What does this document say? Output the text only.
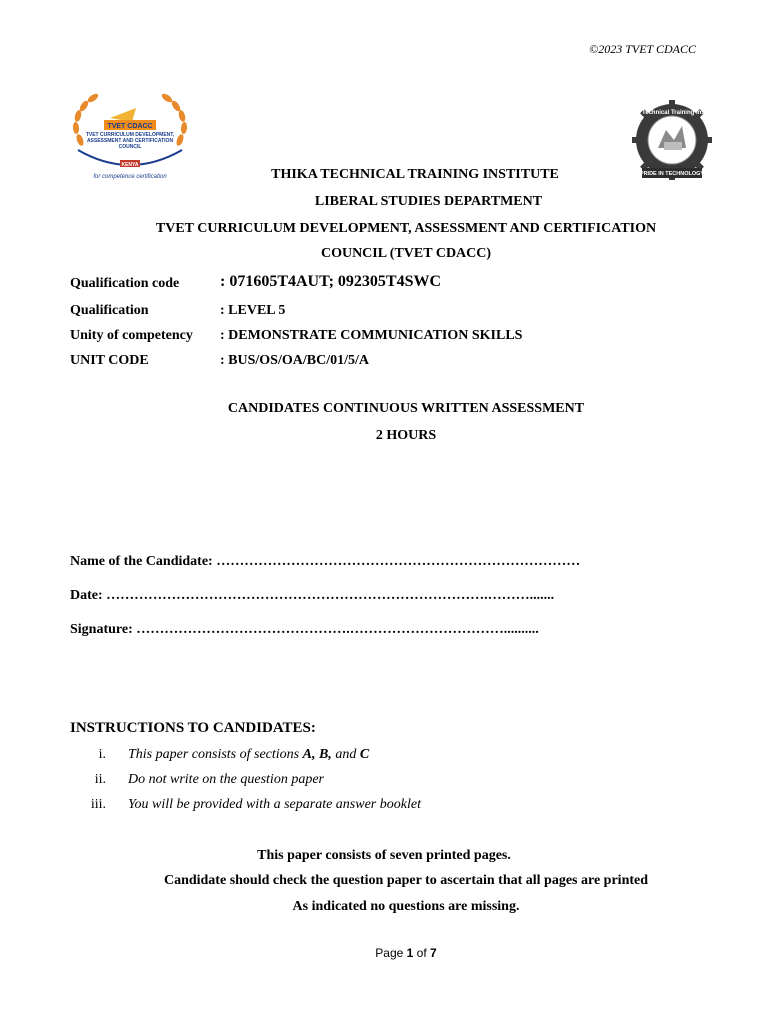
©2023 TVET CDACC
TVET CDACC
TVET CURRICULUM DEVELOPMENT,
ASSESSMENT AND CERTIFICATION
COUNCIL
KENYA
for competence certification
Thika Technical Training Institute
PRIDE IN TECHNOLOGY
THIKA TECHNICAL TRAINING INSTITUTE
LIBERAL STUDIES DEPARTMENT
TVET CURRICULUM DEVELOPMENT, ASSESSMENT AND CERTIFICATION
COUNCIL (TVET CDACC)
Qualification code	: 071605T4AUT; 092305T4SWC
Qualification	: LEVEL 5
Unity of competency : DEMONSTRATE COMMUNICATION SKILLS
UNIT CODE	: BUS/OS/OA/BC/01/5/A
CANDIDATES CONTINUOUS WRITTEN ASSESSMENT
2 HOURS
Name of the Candidate: ……………………………………………………………………
Date: ……………………………………………………………………….……….......
Signature: ……………………………………….……………………………..........
INSTRUCTIONS TO CANDIDATES:
i. This paper consists of sections A, B, and C
ii. Do not write on the question paper
iii. You will be provided with a separate answer booklet
This paper consists of seven printed pages.
Candidate should check the question paper to ascertain that all pages are printed
As indicated no questions are missing.
Page 1 of 7
